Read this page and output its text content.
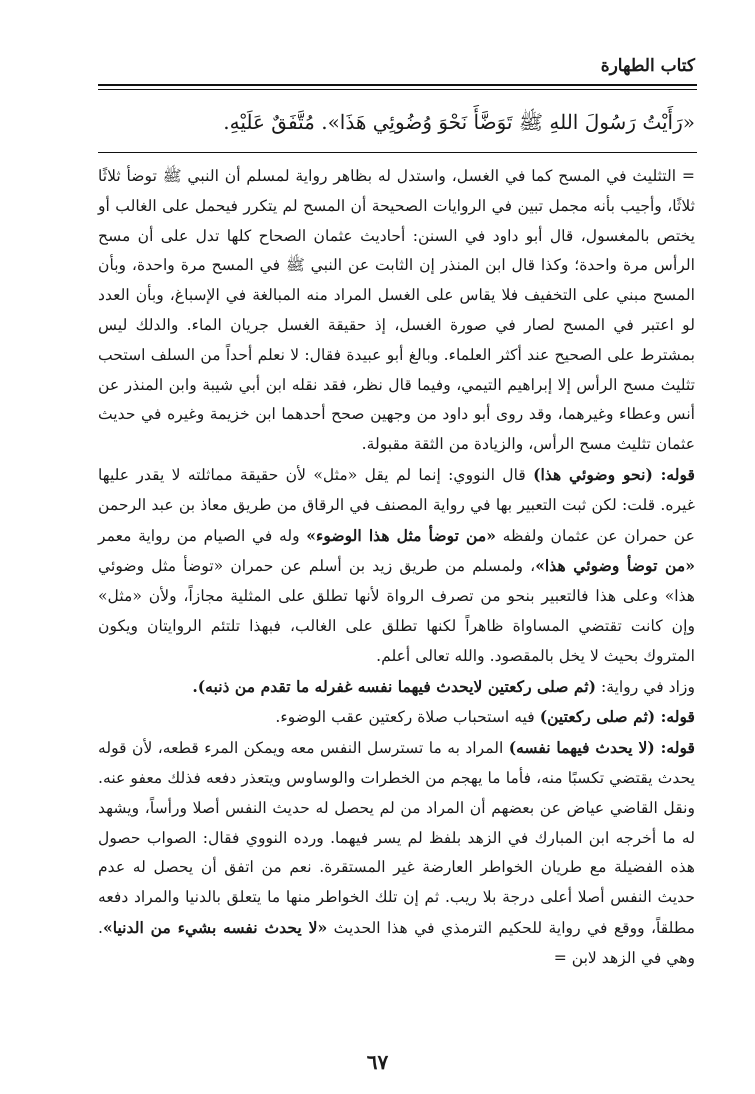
كتاب الطهارة
«رَأَيْتُ رَسُولَ اللهِ ﷺ تَوَضَّأَ نَحْوَ وُضُوئِي هَذَا». مُتَّفَقٌ عَلَيْهِ.

= التثليث في المسح كما في الغسل، واستدل له بظاهر رواية لمسلم أن النبي ﷺ توضأ ثلاثًا ثلاثًا، وأجيب بأنه مجمل تبين في الروايات الصحيحة أن المسح لم يتكرر فيحمل على الغالب أو يختص بالمغسول، قال أبو داود في السنن: أحاديث عثمان الصحاح كلها تدل على أن مسح الرأس مرة واحدة؛ وكذا قال ابن المنذر إن الثابت عن النبي ﷺ في المسح مرة واحدة، وبأن المسح مبني على التخفيف فلا يقاس على الغسل المراد منه المبالغة في الإسباغ، وبأن العدد لو اعتبر في المسح لصار في صورة الغسل، إذ حقيقة الغسل جريان الماء. والدلك ليس بمشترط على الصحيح عند أكثر العلماء. وبالغ أبو عبيدة فقال: لا نعلم أحداً من السلف استحب تثليث مسح الرأس إلا إبراهيم التيمي، وفيما قال نظر، فقد نقله ابن أبي شيبة وابن المنذر عن أنس وعطاء وغيرهما، وقد روى أبو داود من وجهين صحح أحدهما ابن خزيمة وغيره في حديث عثمان تثليث مسح الرأس، والزيادة من الثقة مقبولة.

قوله: (نحو وضوئي هذا) قال النووي: إنما لم يقل «مثل» لأن حقيقة مماثلته لا يقدر عليها غيره. قلت: لكن ثبت التعبير بها في رواية المصنف في الرقاق من طريق معاذ بن عبد الرحمن عن حمران عن عثمان ولفظه «من توضأ مثل هذا الوضوء» وله في الصيام من رواية معمر «من توضأ وضوئي هذا»، ولمسلم من طريق زيد بن أسلم عن حمران «توضأ مثل وضوئي هذا» وعلى هذا فالتعبير بنحو من تصرف الرواة لأنها تطلق على المثلية مجازاً، ولأن «مثل» وإن كانت تقتضي المساواة ظاهراً لكنها تطلق على الغالب، فبهذا تلتئم الروايتان ويكون المتروك بحيث لا يخل بالمقصود. والله تعالى أعلم.

وزاد في رواية: (ثم صلى ركعتين لايحدث فيهما نفسه غفرله ما تقدم من ذنبه).

قوله: (ثم صلى ركعتين) فيه استحباب صلاة ركعتين عقب الوضوء.

قوله: (لا يحدث فيهما نفسه) المراد به ما تسترسل النفس معه ويمكن المرء قطعه، لأن قوله يحدث يقتضي تكسبًا منه، فأما ما يهجم من الخطرات والوساوس ويتعذر دفعه فذلك معفو عنه. ونقل القاضي عياض عن بعضهم أن المراد من لم يحصل له حديث النفس أصلا ورأساً، ويشهد له ما أخرجه ابن المبارك في الزهد بلفظ لم يسر فيهما. ورده النووي فقال: الصواب حصول هذه الفضيلة مع طريان الخواطر العارضة غير المستقرة. نعم من اتفق أن يحصل له عدم حديث النفس أصلا أعلى درجة بلا ريب. ثم إن تلك الخواطر منها ما يتعلق بالدنيا والمراد دفعه مطلقاً، ووقع في رواية للحكيم الترمذي في هذا الحديث «لا يحدث نفسه بشيء من الدنيا». وهي في الزهد لابن =

٦٧
